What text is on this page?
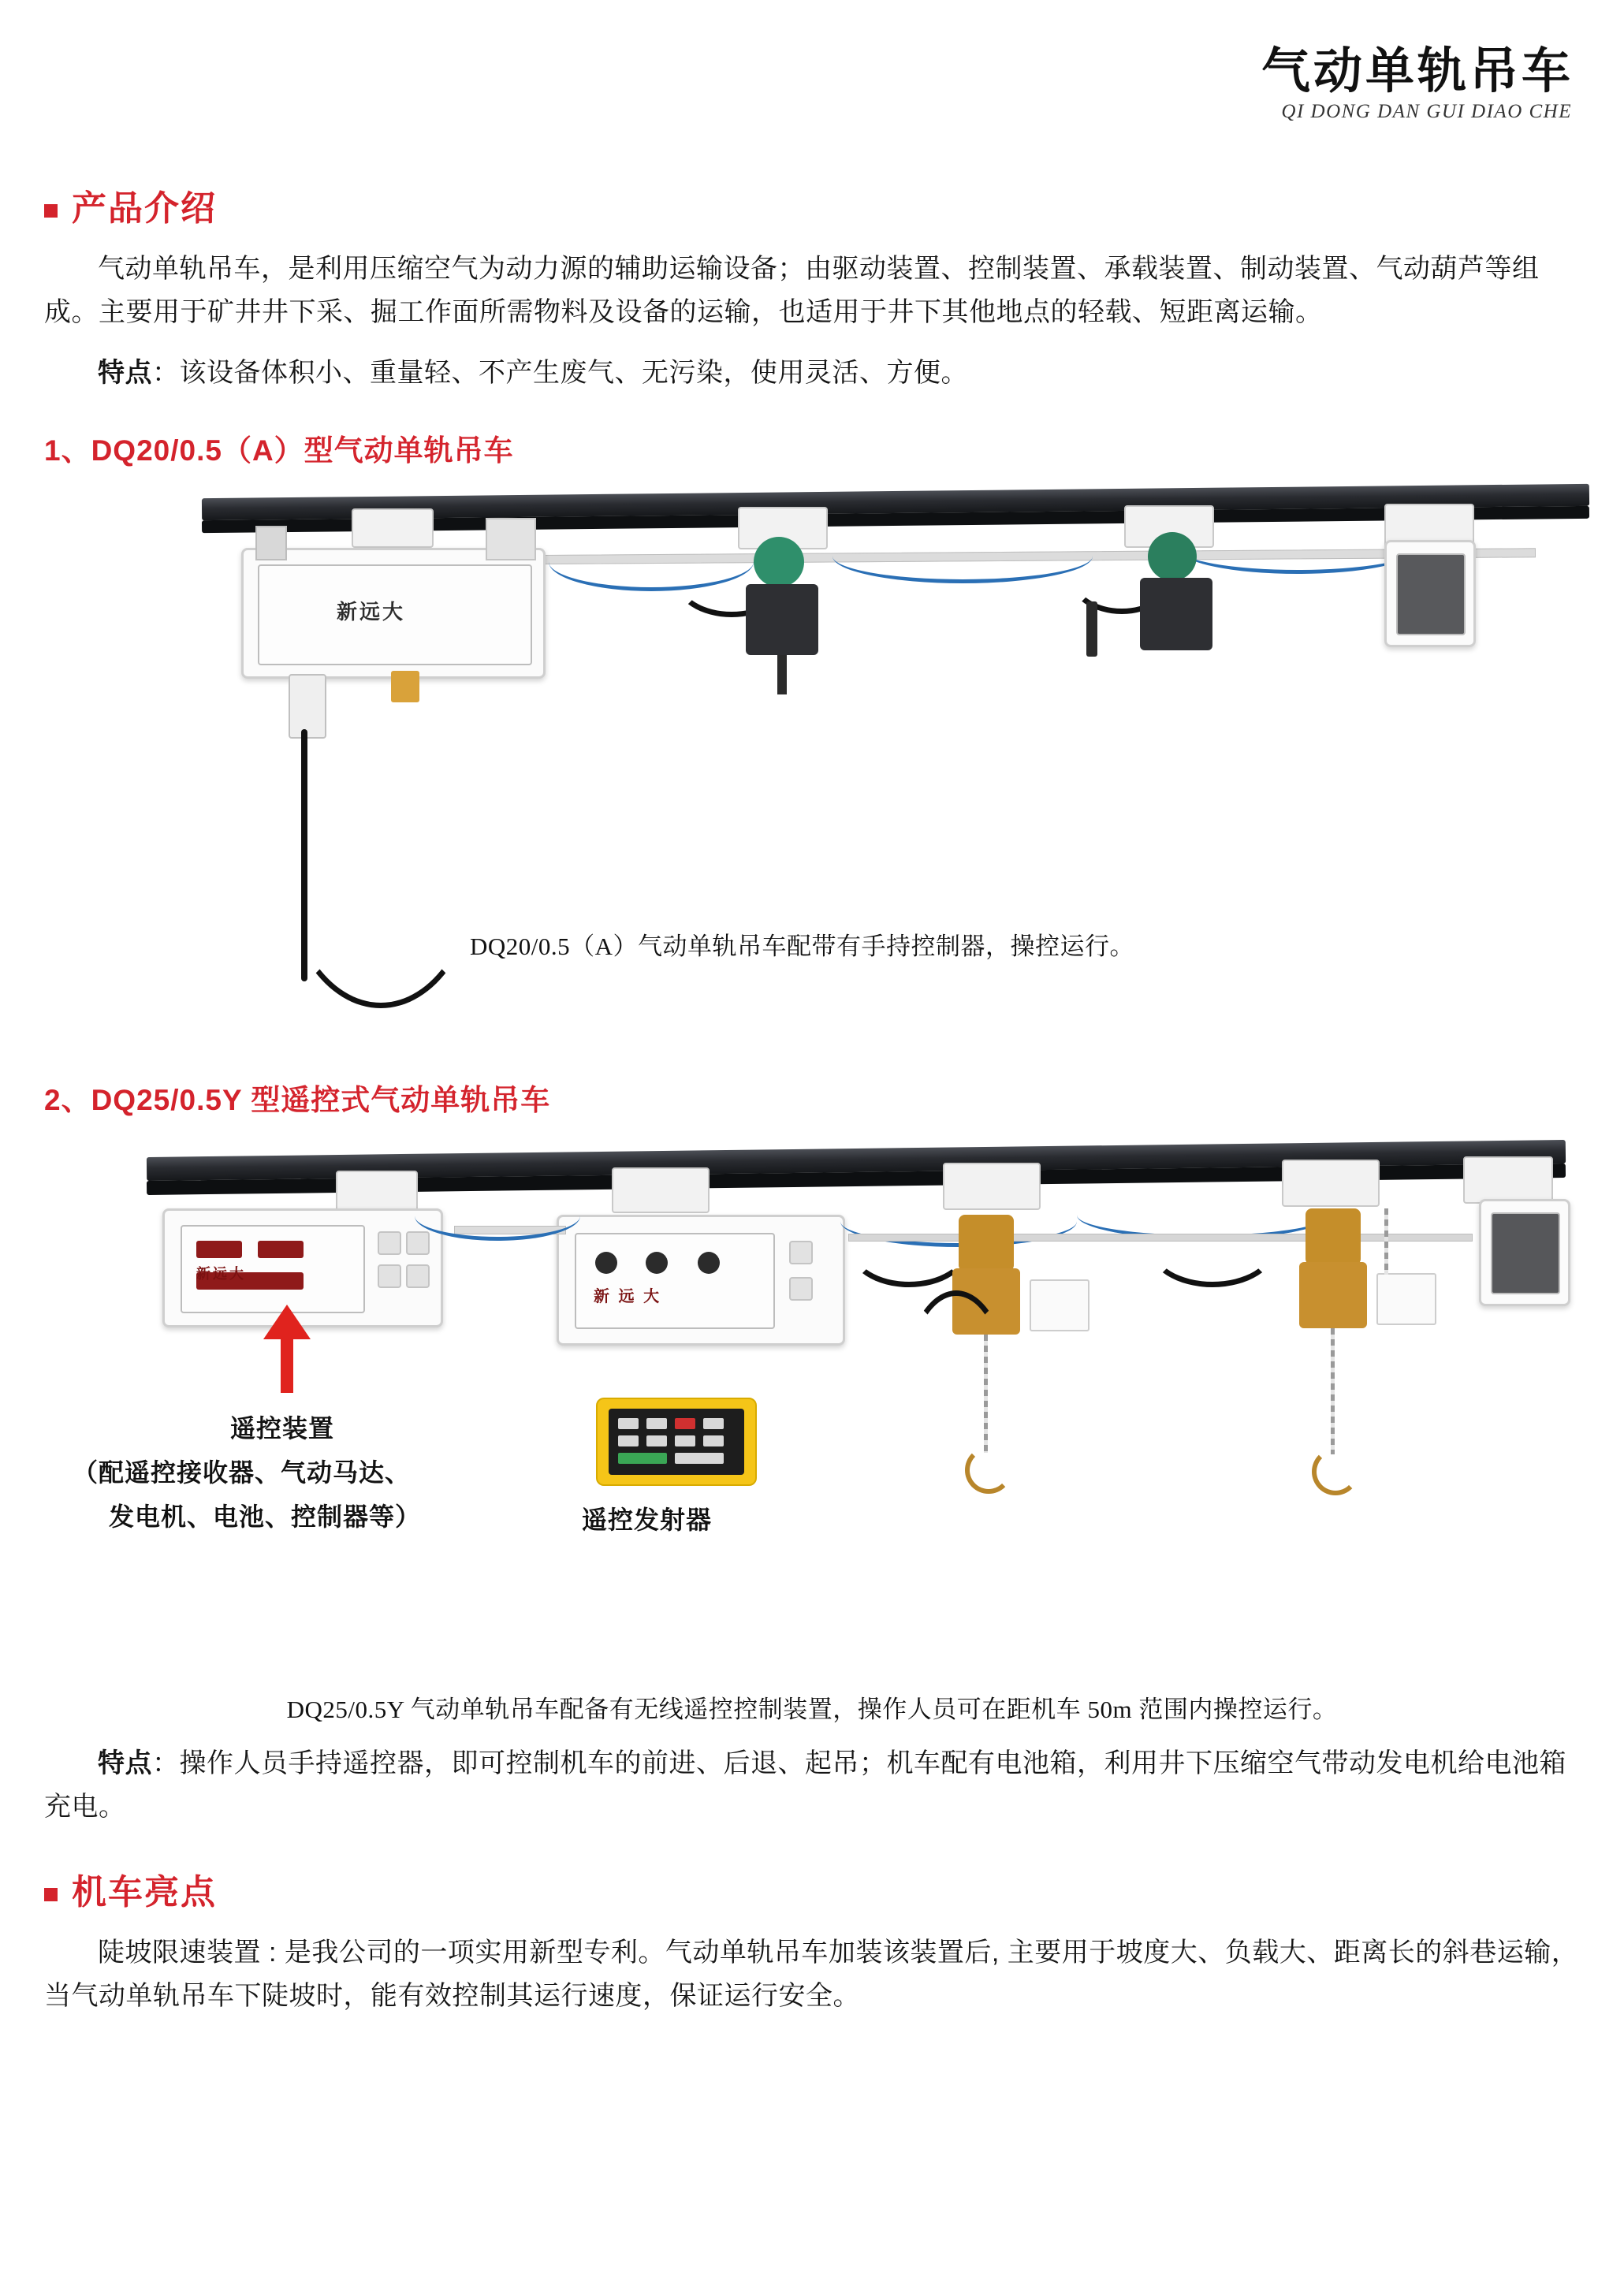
气动单轨吊车
QI DONG DAN GUI DIAO CHE
产品介绍

气动单轨吊车，是利用压缩空气为动力源的辅助运输设备；由驱动装置、控制装置、承载装置、制动装置、气动葫芦等组成。主要用于矿井井下采、掘工作面所需物料及设备的运输，也适用于井下其他地点的轻载、短距离运输。

特点：该设备体积小、重量轻、不产生废气、无污染，使用灵活、方便。

1、DQ20/0.5（A）型气动单轨吊车
新远大
DQ20/0.5（A）气动单轨吊车配带有手持控制器，操控运行。
2、DQ25/0.5Y 型遥控式气动单轨吊车
新远大
遥控装置
（配遥控接收器、气动马达、
发电机、电池、控制器等）
新 远 大
遥控发射器
DQ25/0.5Y 气动单轨吊车配备有无线遥控控制装置，操作人员可在距机车 50m 范围内操控运行。

特点：操作人员手持遥控器，即可控制机车的前进、后退、起吊；机车配有电池箱，利用井下压缩空气带动发电机给电池箱充电。

机车亮点

陡坡限速装置 : 是我公司的一项实用新型专利。气动单轨吊车加装该装置后, 主要用于坡度大、负载大、距离长的斜巷运输，当气动单轨吊车下陡坡时，能有效控制其运行速度，保证运行安全。
